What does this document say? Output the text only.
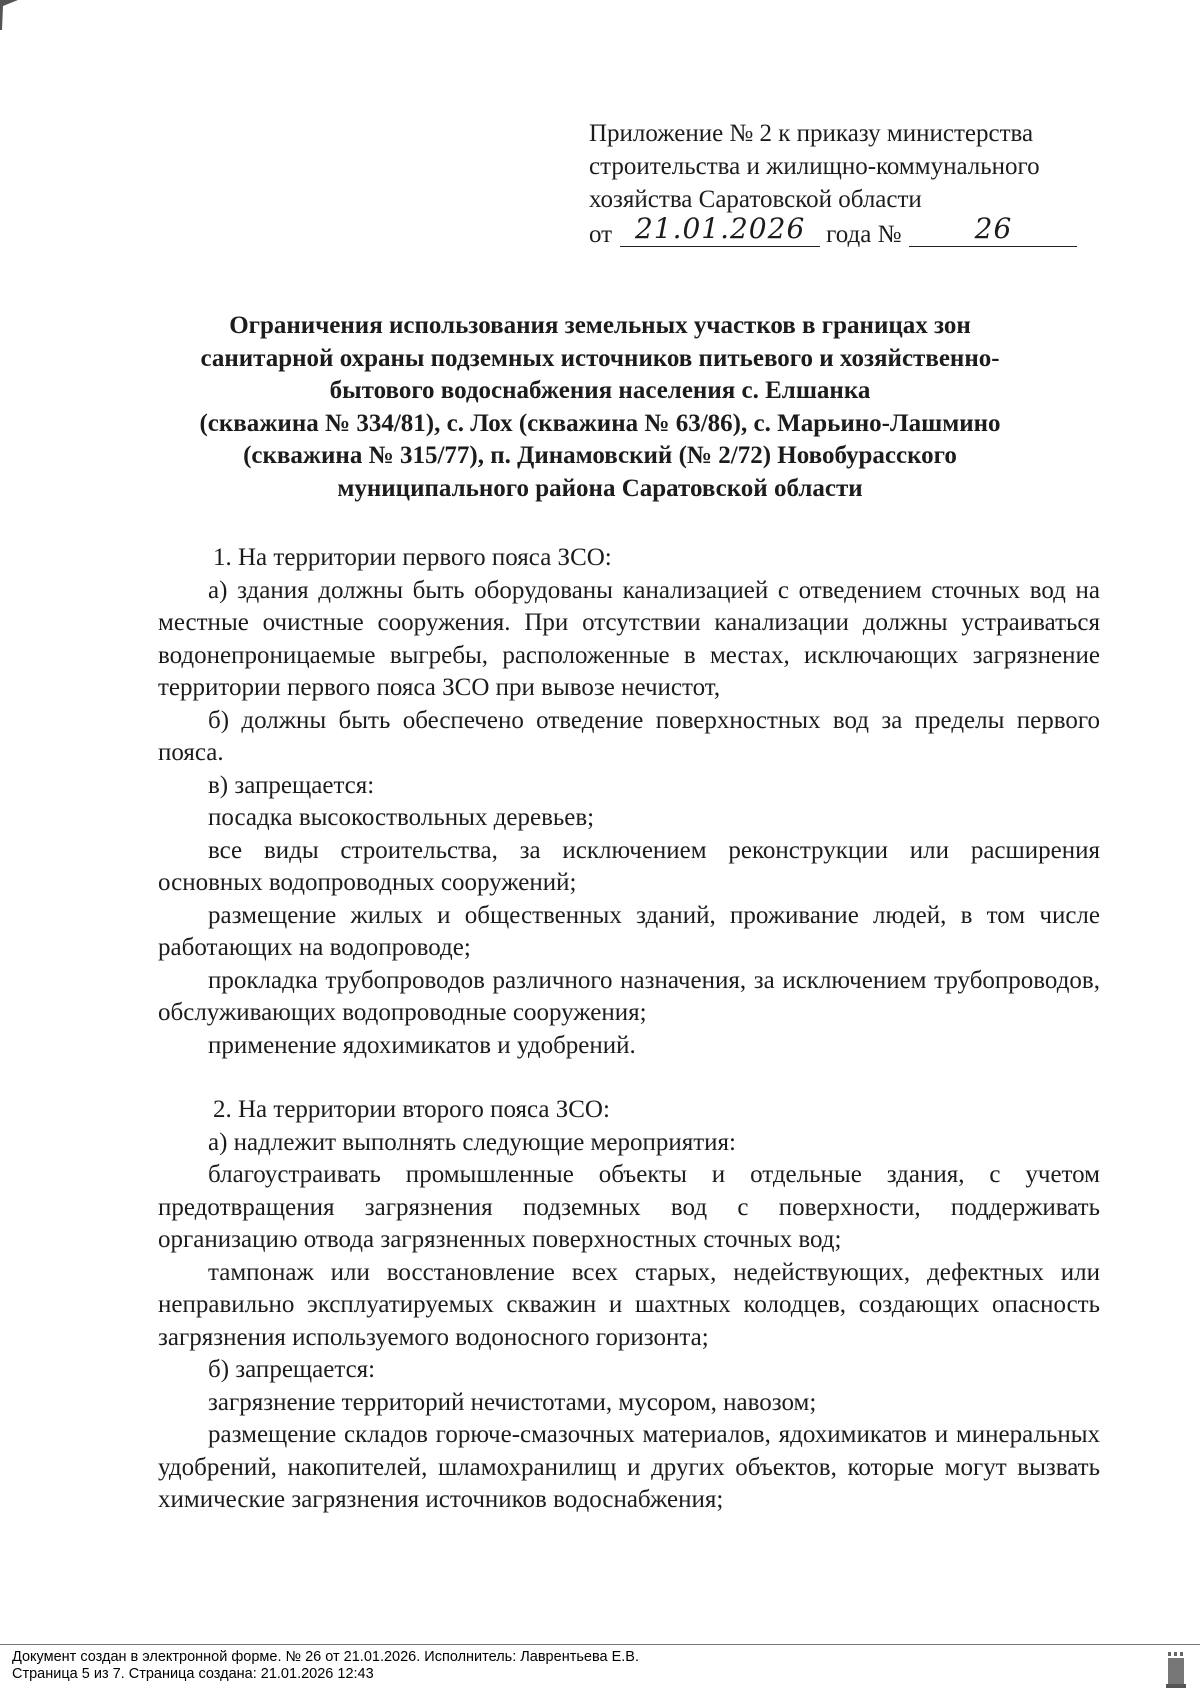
Приложение № 2 к приказу министерства
строительства и жилищно-коммунального
хозяйства Саратовской области
от 21.01.2026 года №	26
Ограничения использования земельных участков в границах зон
санитарной охраны подземных источников питьевого и хозяйственно-
бытового водоснабжения населения с. Елшанка
(скважина № 334/81), с. Лох (скважина № 63/86), с. Марьино-Лашмино
(скважина № 315/77), п. Динамовский (№ 2/72) Новобурасского
муниципального района Саратовской области

1. На территории первого пояса ЗСО:

а) здания должны быть оборудованы канализацией с отведением сточных вод на местные очистные сооружения. При отсутствии канализации должны устраиваться водонепроницаемые выгребы, расположенные в местах, исключающих загрязнение территории первого пояса ЗСО при вывозе нечистот,

б) должны быть обеспечено отведение поверхностных вод за пределы первого пояса.

в) запрещается:

посадка высокоствольных деревьев;

все виды строительства, за исключением реконструкции или расширения основных водопроводных сооружений;

размещение жилых и общественных зданий, проживание людей, в том числе работающих на водопроводе;

прокладка трубопроводов различного назначения, за исключением трубопроводов, обслуживающих водопроводные сооружения;

применение ядохимикатов и удобрений.

2. На территории второго пояса ЗСО:

а) надлежит выполнять следующие мероприятия:

благоустраивать промышленные объекты и отдельные здания, с учетом предотвращения загрязнения подземных вод с поверхности, поддерживать организацию отвода загрязненных поверхностных сточных вод;

тампонаж или восстановление всех старых, недействующих, дефектных или неправильно эксплуатируемых скважин и шахтных колодцев, создающих опасность загрязнения используемого водоносного горизонта;

б) запрещается:

загрязнение территорий нечистотами, мусором, навозом;

размещение складов горюче-смазочных материалов, ядохимикатов и минеральных удобрений, накопителей, шламохранилищ и других объектов, которые могут вызвать химические загрязнения источников водоснабжения;

Документ создан в электронной форме. № 26 от 21.01.2026. Исполнитель: Лаврентьева Е.В.
Страница 5 из 7. Страница создана: 21.01.2026 12:43
